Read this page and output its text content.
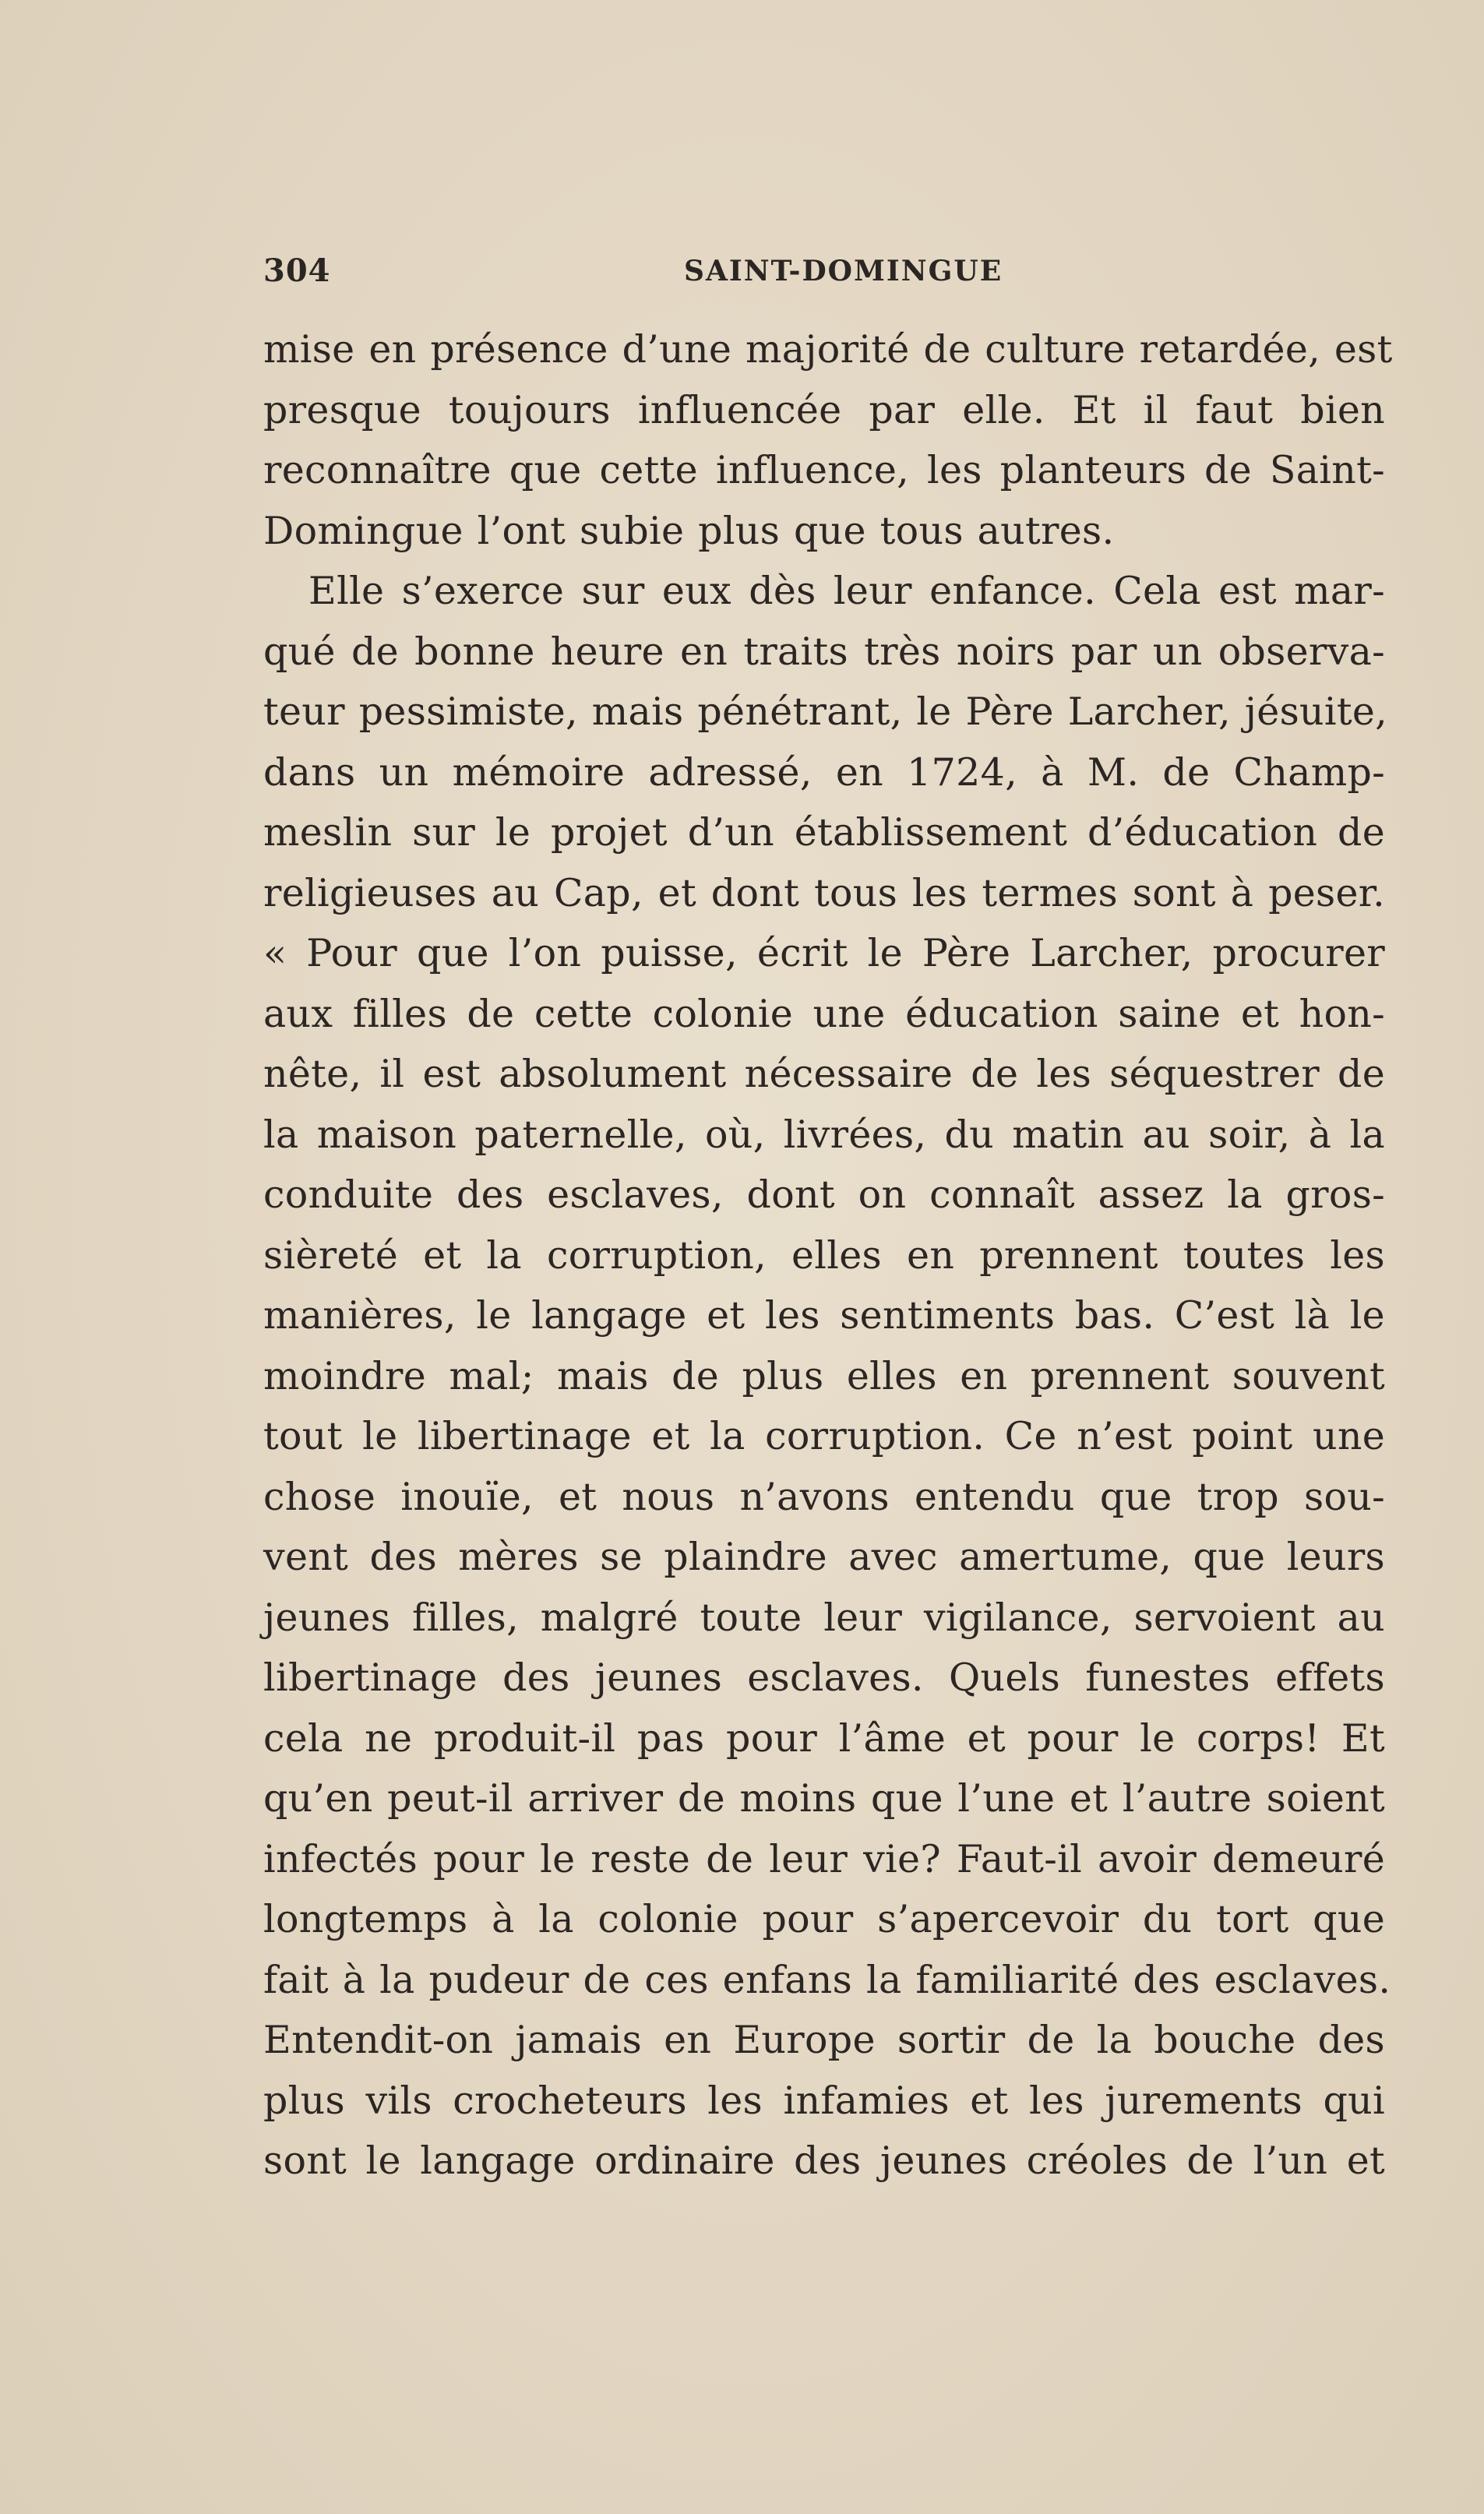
304	SAINT-DOMINGUE
mise en présence d’une majorité de culture retardée, est
presque toujours influencée par elle. Et il faut bien
reconnaître que cette influence, les planteurs de Saint-
Domingue l’ont subie plus que tous autres.
Elle s’exerce sur eux dès leur enfance. Cela est mar-
qué de bonne heure en traits très noirs par un observa-
teur pessimiste, mais pénétrant, le Père Larcher, jésuite,
dans un mémoire adressé, en 1724, à M. de Champ-
meslin sur le projet d’un établissement d’éducation de
religieuses au Cap, et dont tous les termes sont à peser.
« Pour que l’on puisse, écrit le Père Larcher, procurer
aux filles de cette colonie une éducation saine et hon-
nête, il est absolument nécessaire de les séquestrer de
la maison paternelle, où, livrées, du matin au soir, à la
conduite des esclaves, dont on connaît assez la gros-
sièreté et la corruption, elles en prennent toutes les
manières, le langage et les sentiments bas. C’est là le
moindre mal; mais de plus elles en prennent souvent
tout le libertinage et la corruption. Ce n’est point une
chose inouïe, et nous n’avons entendu que trop sou-
vent des mères se plaindre avec amertume, que leurs
jeunes filles, malgré toute leur vigilance, servoient au
libertinage des jeunes esclaves. Quels funestes effets
cela ne produit-il pas pour l’âme et pour le corps! Et
qu’en peut-il arriver de moins que l’une et l’autre soient
infectés pour le reste de leur vie? Faut-il avoir demeuré
longtemps à la colonie pour s’apercevoir du tort que
fait à la pudeur de ces enfans la familiarité des esclaves.
Entendit-on jamais en Europe sortir de la bouche des
plus vils crocheteurs les infamies et les jurements qui
sont le langage ordinaire des jeunes créoles de l’un et
